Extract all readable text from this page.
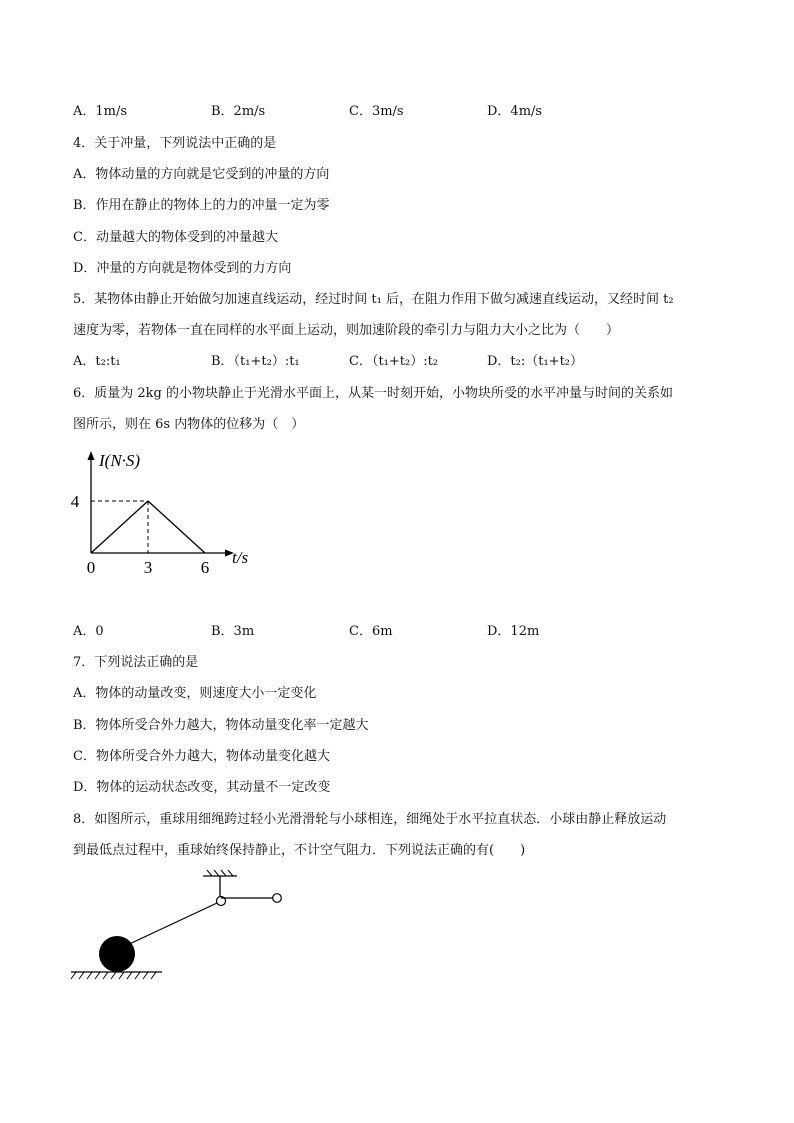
A．1m/s	B．2m/s	C．3m/s	D．4m/s
4．关于冲量，下列说法中正确的是
A．物体动量的方向就是它受到的冲量的方向
B．作用在静止的物体上的力的冲量一定为零
C．动量越大的物体受到的冲量越大
D．冲量的方向就是物体受到的力方向
5．某物体由静止开始做匀加速直线运动，经过时间 t₁ 后，在阻力作用下做匀减速直线运动，又经时间 t₂
速度为零，若物体一直在同样的水平面上运动，则加速阶段的牵引力与阻力大小之比为（　　）
A．t₂:t₁	B．（t₁+t₂）:t₁	C．（t₁+t₂）:t₂	D．t₂:（t₁+t₂）
6．质量为 2kg 的小物块静止于光滑水平面上，从某一时刻开始，小物块所受的水平冲量与时间的关系如
图所示，则在 6s 内物体的位移为（　）
I(N·S)
t/s
0	3	6
4
A．0	B．3m	C．6m	D．12m
7．下列说法正确的是
A．物体的动量改变，则速度大小一定变化
B．物体所受合外力越大，物体动量变化率一定越大
C．物体所受合外力越大，物体动量变化越大
D．物体的运动状态改变，其动量不一定改变
8．如图所示，重球用细绳跨过轻小光滑滑轮与小球相连，细绳处于水平拉直状态．小球由静止释放运动
到最低点过程中，重球始终保持静止，不计空气阻力．下列说法正确的有(　　)
